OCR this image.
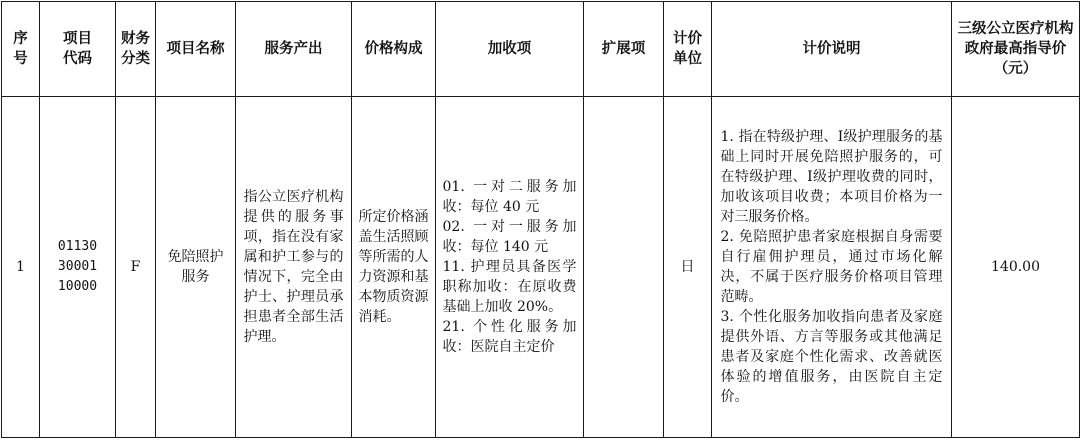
序号	项目代码	财务分类	项目名称	服务产出	价格构成	加收项	扩展项	计价单位	计价说明	三级公立医疗机构政府最高指导价（元）

1	011303000110000	F	免陪照护服务	指公立医疗机构提供的服务事项，指在没有家属和护工参与的情况下，完全由护士、护理员承担患者全部生活护理。	所定价格涵盖生活照顾等所需的人力资源和基本物质资源消耗。	01. 一对二服务加收：每位 40 元
02. 一对一服务加收：每位 140 元
11. 护理员具备医学职称加收：在原收费基础上加收 20%。
21. 个性化服务加收：医院自主定价		日	1. 指在特级护理、Ⅰ级护理服务的基础上同时开展免陪照护服务的，可在特级护理、Ⅰ级护理收费的同时，加收该项目收费；本项目价格为一对三服务价格。
2. 免陪照护患者家庭根据自身需要自行雇佣护理员，通过市场化解决，不属于医疗服务价格项目管理范畴。
3. 个性化服务加收指向患者及家庭提供外语、方言等服务或其他满足患者及家庭个性化需求、改善就医体验的增值服务，由医院自主定价。	140.00
